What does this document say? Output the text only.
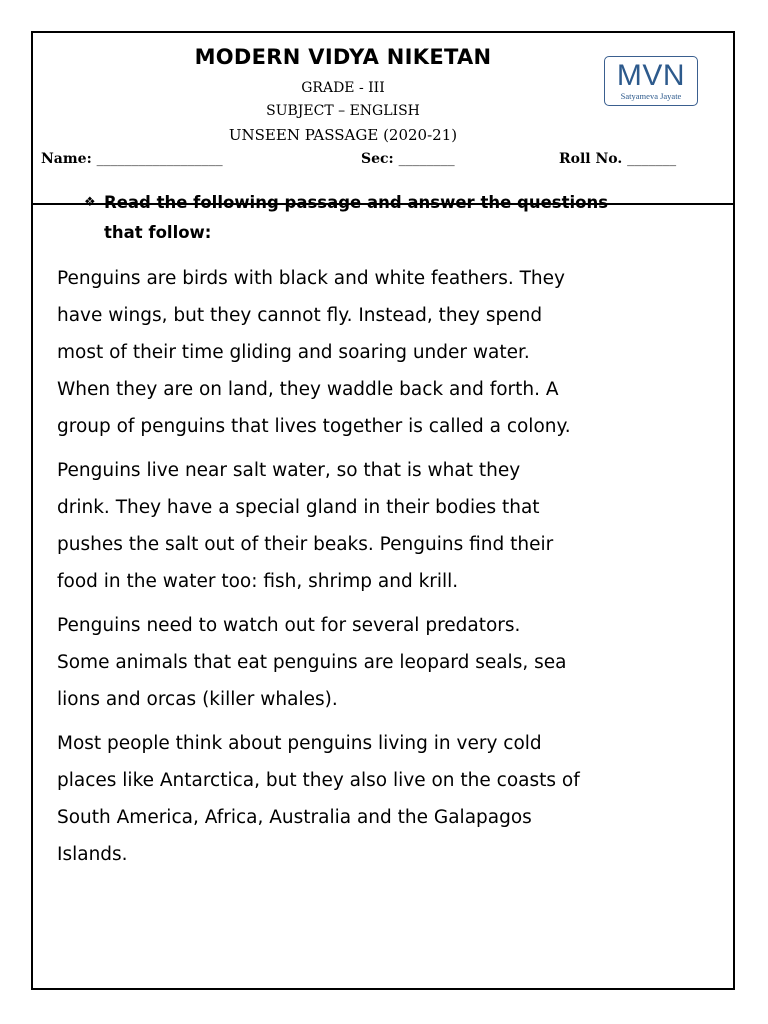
MODERN VIDYA NIKETAN
GRADE - III
SUBJECT – ENGLISH
UNSEEN PASSAGE (2020-21)
MVN
Satyameva Jayate
Name: __________________	Sec: ________	Roll No. _______
❖ Read the following passage and answer the questions that follow:

Penguins are birds with black and white feathers. They
have wings, but they cannot fly. Instead, they spend
most of their time gliding and soaring under water.
When they are on land, they waddle back and forth. A
group of penguins that lives together is called a colony.

Penguins live near salt water, so that is what they
drink. They have a special gland in their bodies that
pushes the salt out of their beaks. Penguins find their
food in the water too: fish, shrimp and krill.

Penguins need to watch out for several predators.
Some animals that eat penguins are leopard seals, sea
lions and orcas (killer whales).

Most people think about penguins living in very cold
places like Antarctica, but they also live on the coasts of
South America, Africa, Australia and the Galapagos
Islands.
